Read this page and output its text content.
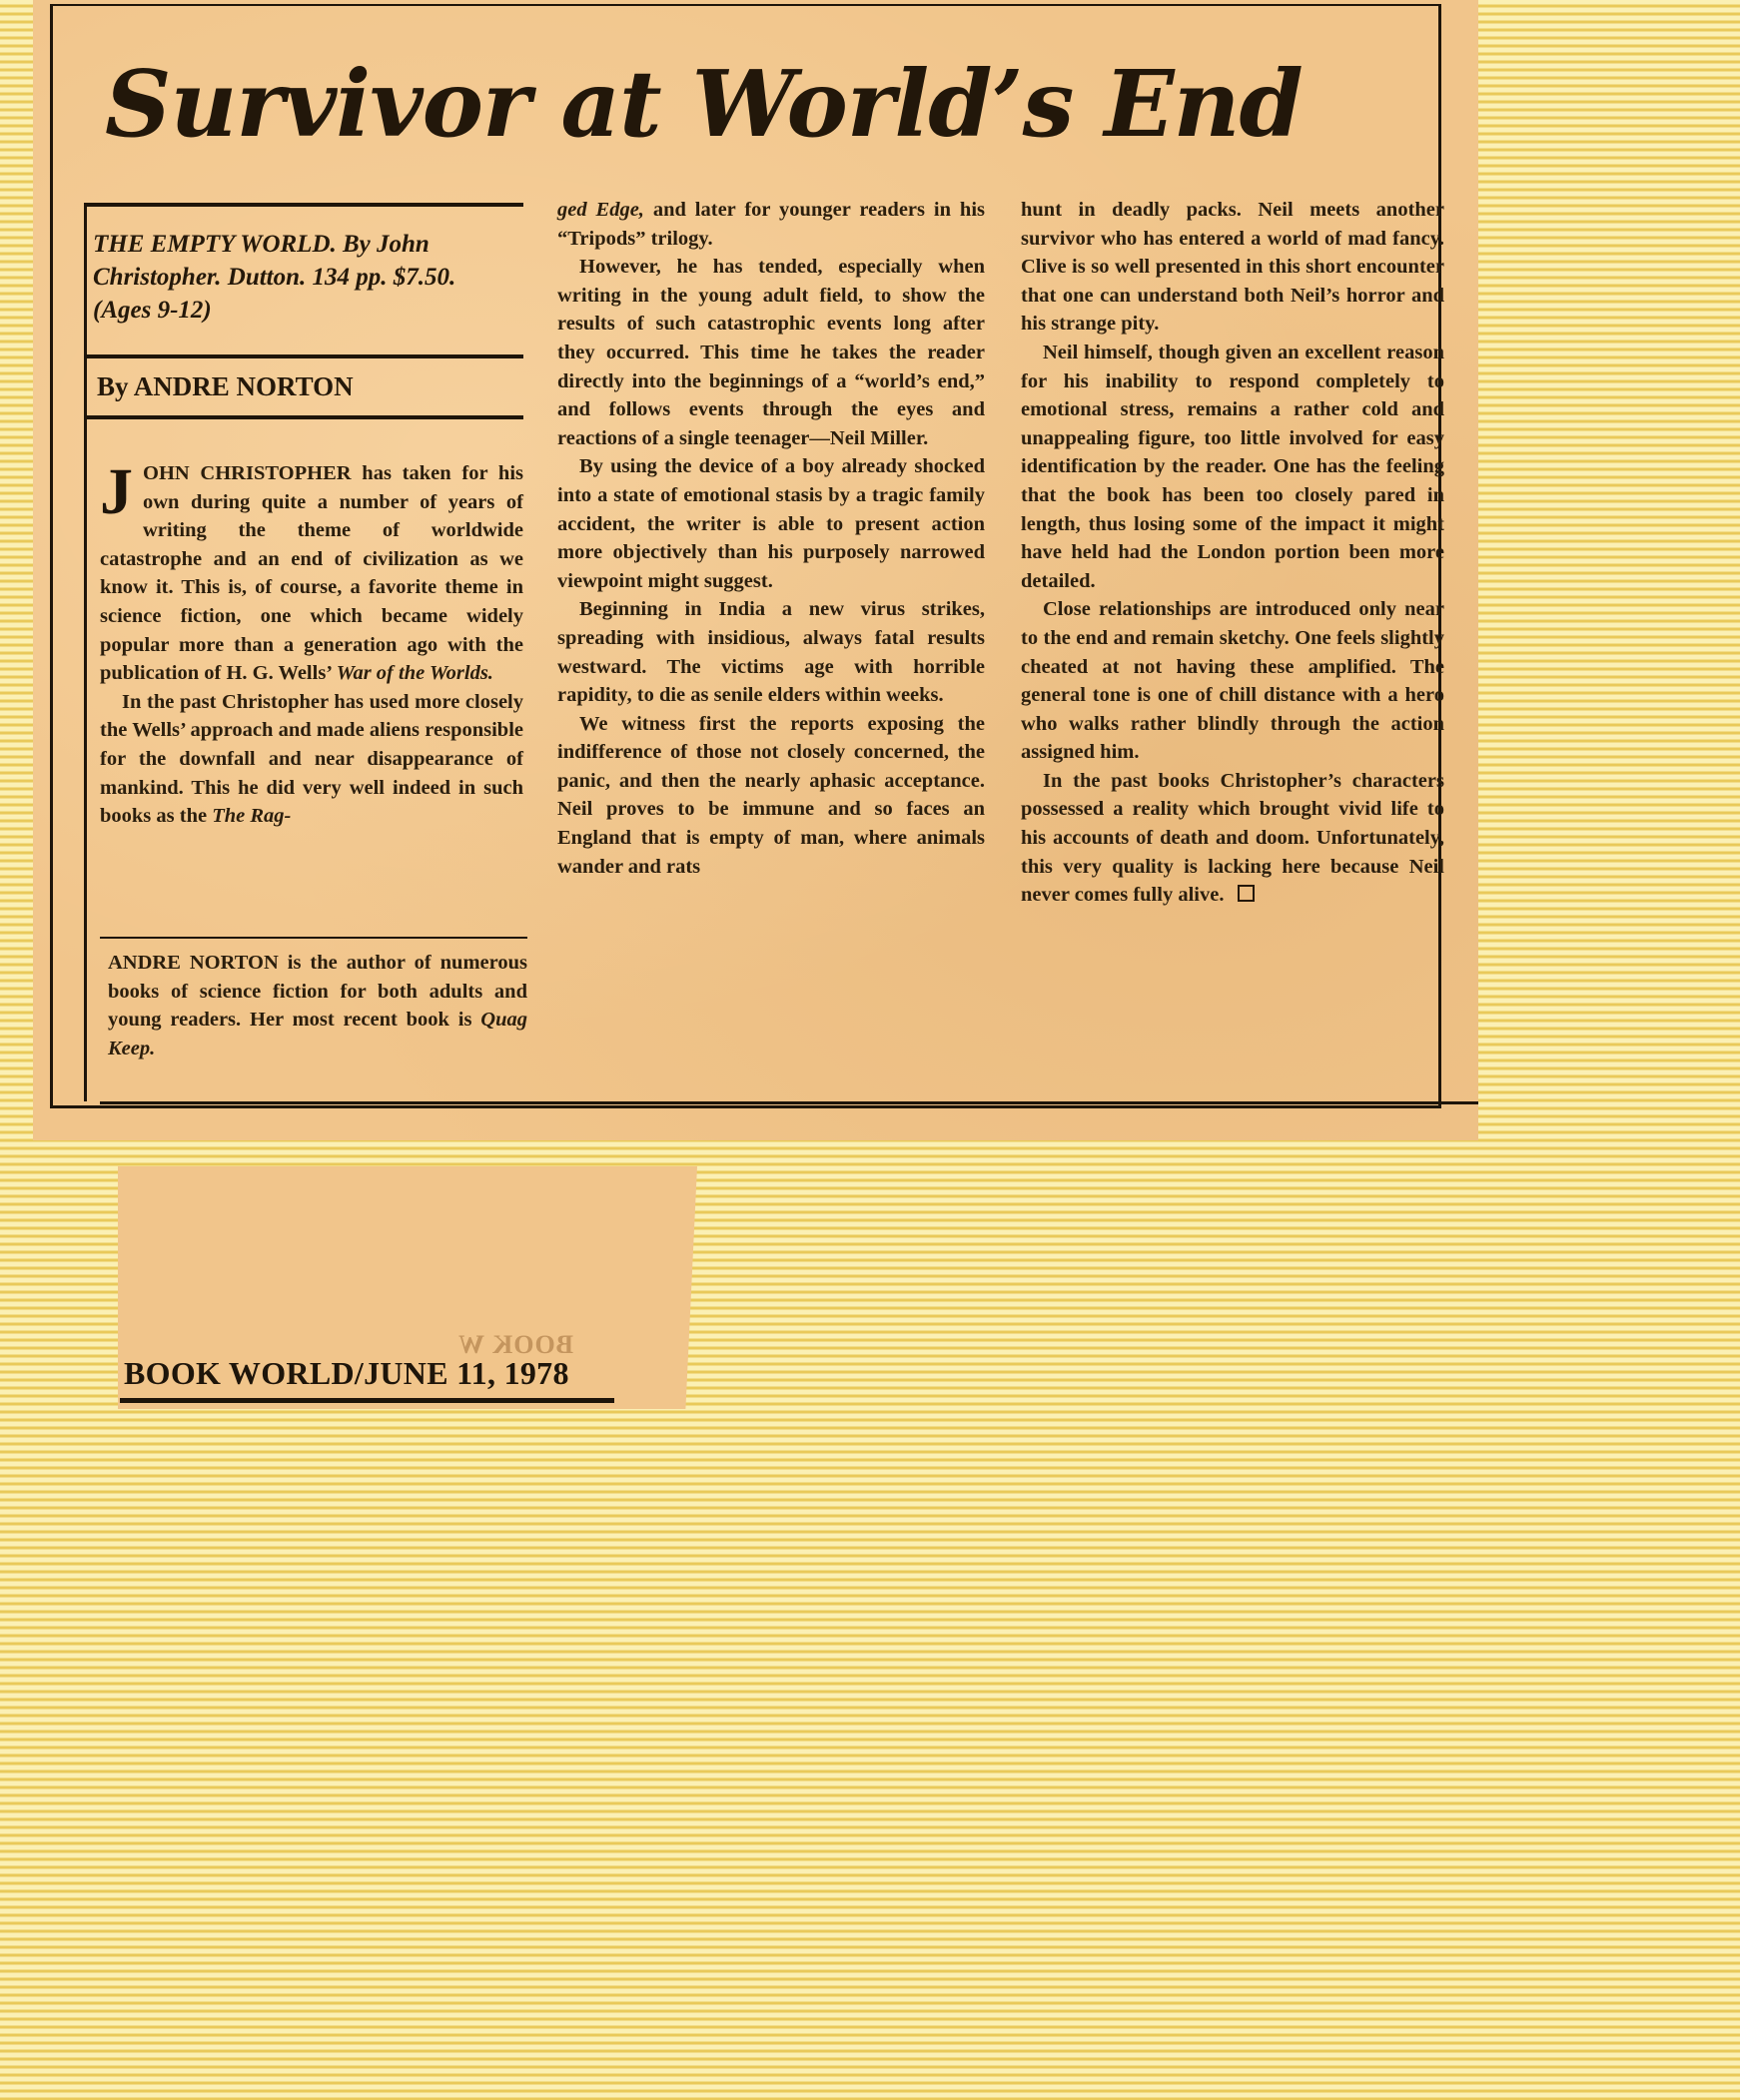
Survivor at World’s End
THE EMPTY WORLD. By John Christopher. Dutton. 134 pp. $7.50. (Ages 9-12)
By ANDRE NORTON

JOHN CHRISTOPHER has taken for his own during quite a number of years of writing the theme of worldwide catastrophe and an end of civilization as we know it. This is, of course, a favorite theme in science fiction, one which became widely popular more than a generation ago with the publication of H. G. Wells’ War of the Worlds.

In the past Christopher has used more closely the Wells’ approach and made aliens responsible for the downfall and near disappearance of mankind. This he did very well indeed in such books as the The Rag-

ANDRE NORTON is the author of numerous books of science fiction for both adults and young readers. Her most recent book is Quag Keep.

ged Edge, and later for younger readers in his “Tripods” trilogy.

However, he has tended, especially when writing in the young adult field, to show the results of such catastrophic events long after they occurred. This time he takes the reader directly into the beginnings of a “world’s end,” and follows events through the eyes and reactions of a single teenager—Neil Miller.

By using the device of a boy already shocked into a state of emotional stasis by a tragic family accident, the writer is able to present action more objectively than his purposely narrowed viewpoint might suggest.

Beginning in India a new virus strikes, spreading with insidious, always fatal results westward. The victims age with horrible rapidity, to die as senile elders within weeks.

We witness first the reports exposing the indifference of those not closely concerned, the panic, and then the nearly aphasic acceptance. Neil proves to be immune and so faces an England that is empty of man, where animals wander and rats

hunt in deadly packs. Neil meets another survivor who has entered a world of mad fancy. Clive is so well presented in this short encounter that one can understand both Neil’s horror and his strange pity.

Neil himself, though given an excellent reason for his inability to respond completely to emotional stress, remains a rather cold and unappealing figure, too little involved for easy identification by the reader. One has the feeling that the book has been too closely pared in length, thus losing some of the impact it might have held had the London portion been more detailed.

Close relationships are introduced only near to the end and remain sketchy. One feels slightly cheated at not having these amplified. The general tone is one of chill distance with a hero who walks rather blindly through the action assigned him.

In the past books Christopher’s characters possessed a reality which brought vivid life to his accounts of death and doom. Unfortunately, this very quality is lacking here because Neil never comes fully alive.

BOOK W
BOOK WORLD/JUNE 11, 1978
